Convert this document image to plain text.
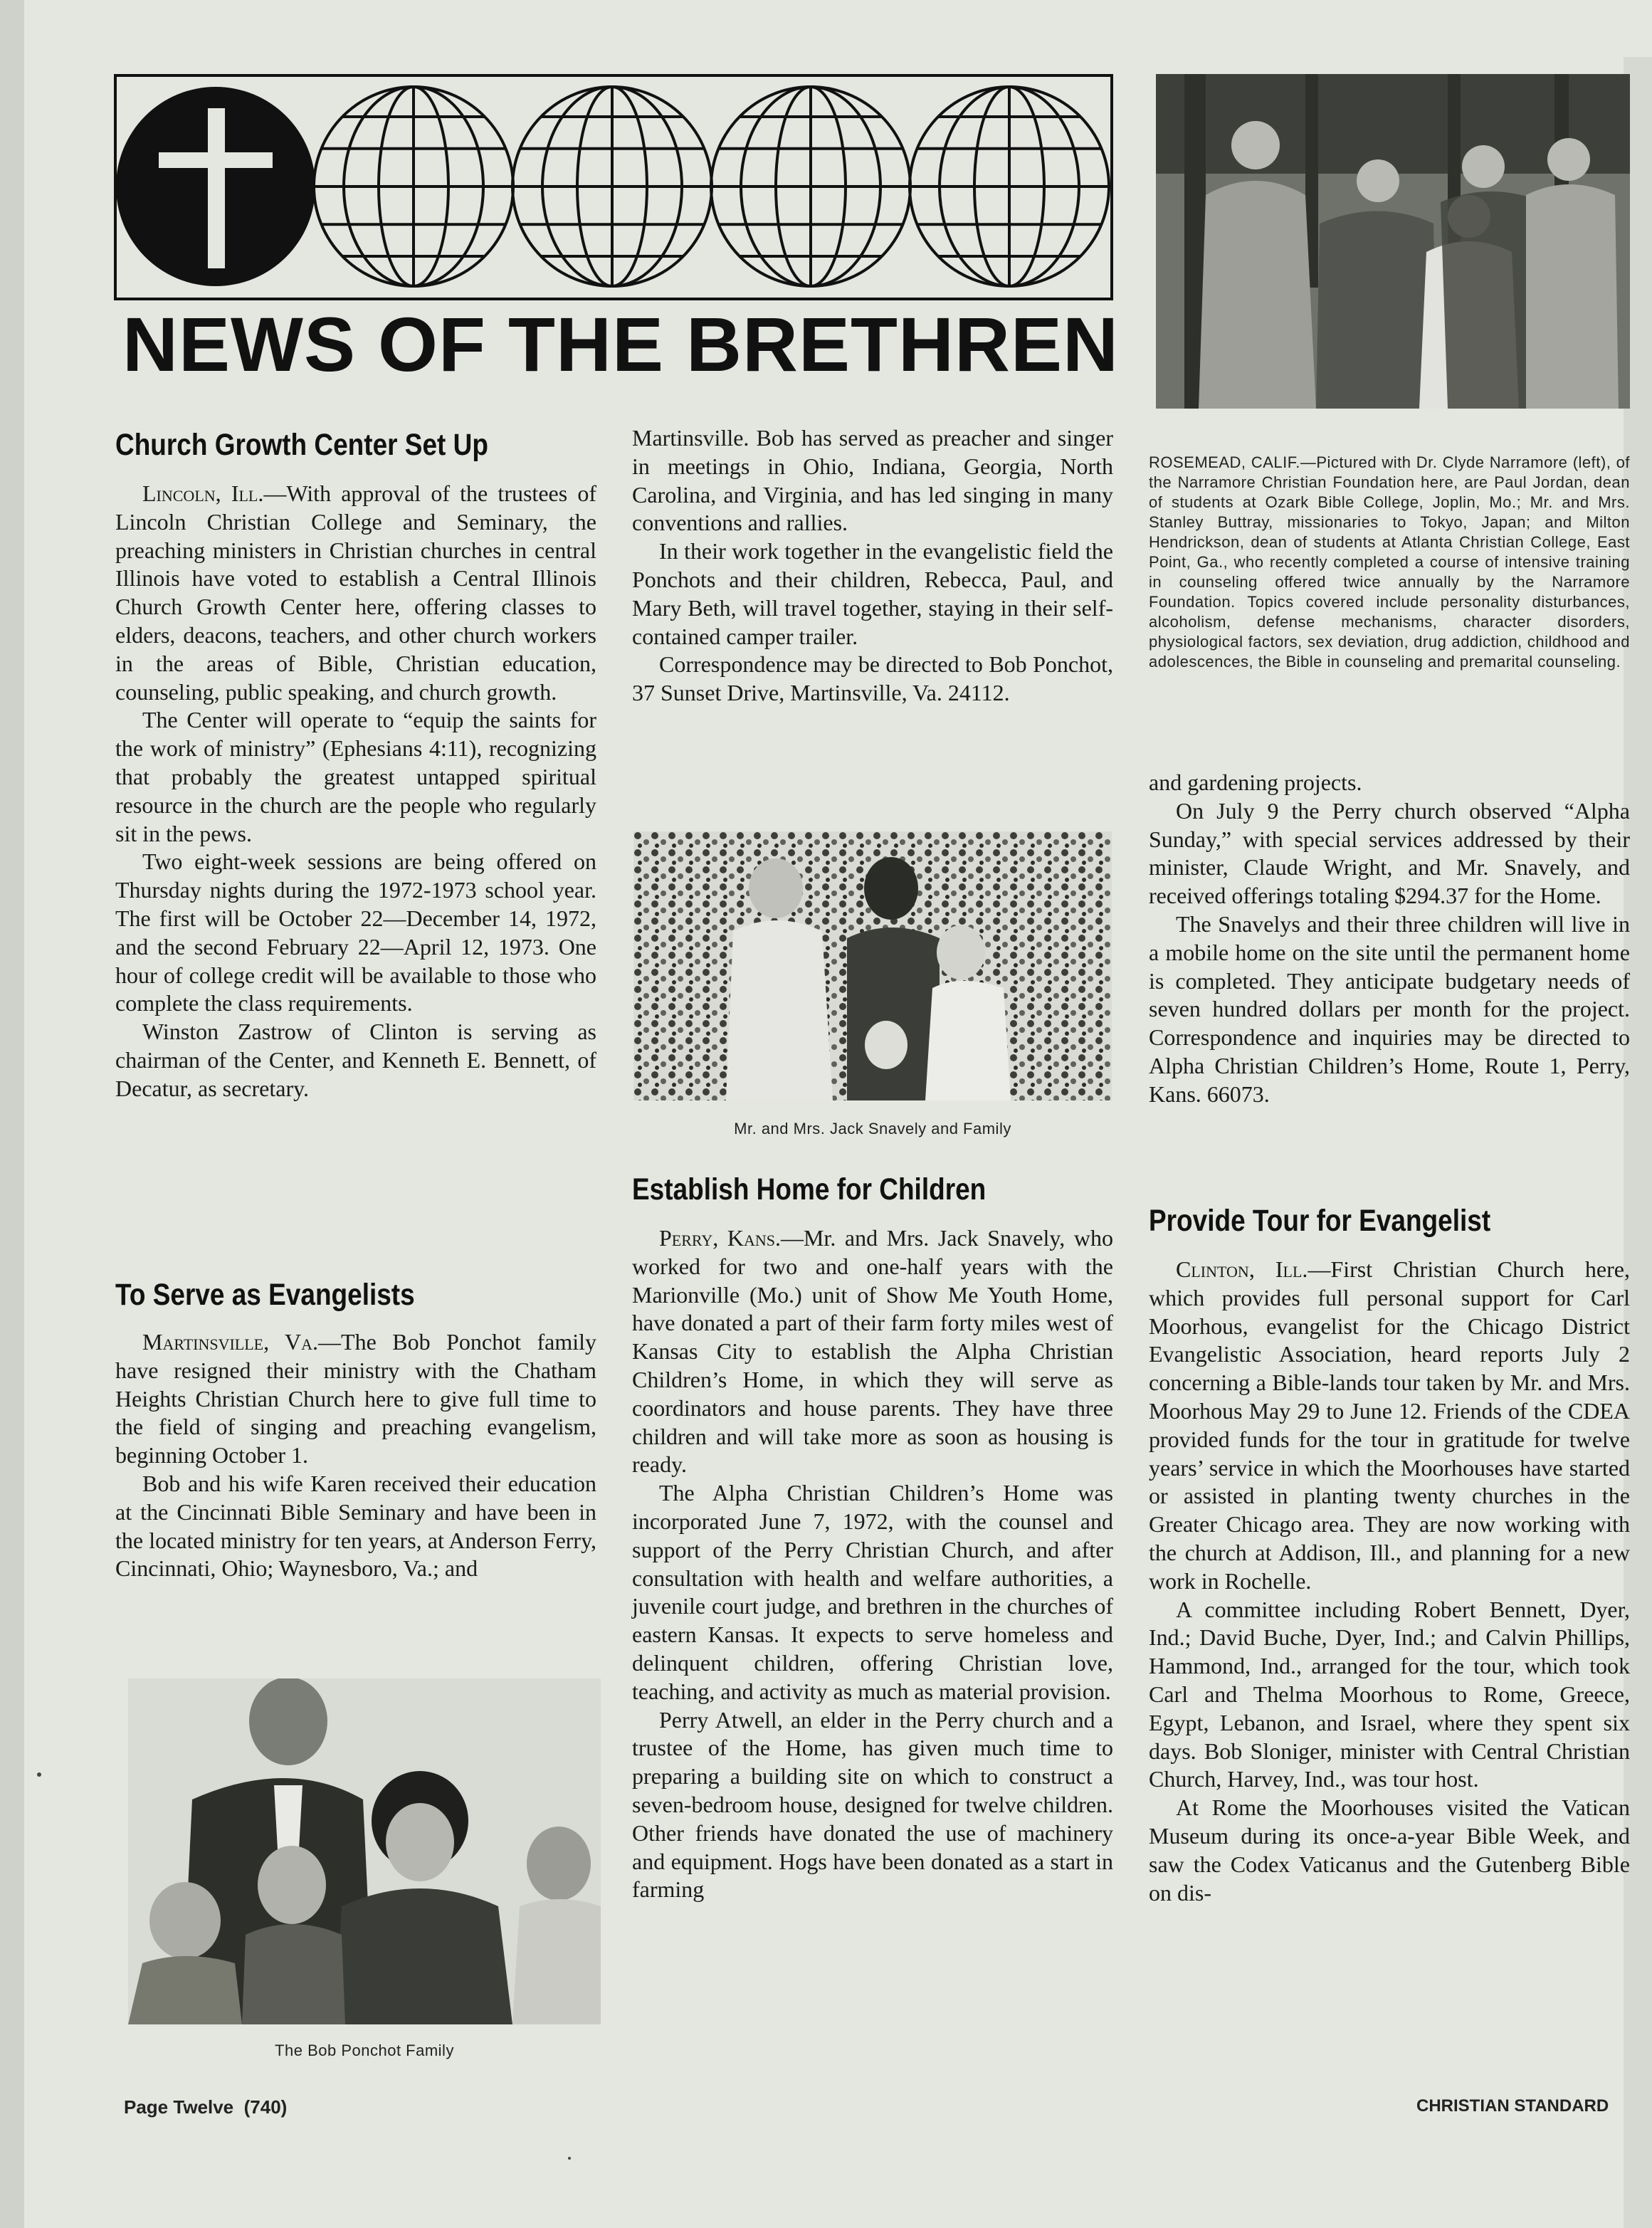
NEWS OF THE BRETHREN
ROSEMEAD, CALIF.—Pictured with Dr. Clyde Narramore (left), of the Narramore Christian Foundation here, are Paul Jordan, dean of students at Ozark Bible College, Joplin, Mo.; Mr. and Mrs. Stanley Buttray, missionaries to Tokyo, Japan; and Milton Hendrickson, dean of students at Atlanta Christian College, East Point, Ga., who recently completed a course of intensive training in counseling offered twice annually by the Narramore Foundation. Topics covered include personality disturbances, alcoholism, defense mechanisms, character disorders, physiological factors, sex deviation, drug addiction, childhood and adolescences, the Bible in counseling and premarital counseling.
Church Growth Center Set Up

Lincoln, Ill.—With approval of the trustees of Lincoln Christian College and Seminary, the preaching ministers in Christian churches in central Illinois have voted to establish a Central Illinois Church Growth Center here, offering classes to elders, deacons, teachers, and other church workers in the areas of Bible, Christian education, counseling, public speaking, and church growth.

The Center will operate to “equip the saints for the work of ministry” (Ephesians 4:11), recognizing that probably the greatest untapped spiritual resource in the church are the people who regularly sit in the pews.

Two eight-week sessions are being offered on Thursday nights during the 1972-1973 school year. The first will be October 22—December 14, 1972, and the second February 22—April 12, 1973. One hour of college credit will be available to those who complete the class requirements.

Winston Zastrow of Clinton is serving as chairman of the Center, and Kenneth E. Bennett, of Decatur, as secretary.

To Serve as Evangelists

Martinsville, Va.—The Bob Ponchot family have resigned their ministry with the Chatham Heights Christian Church here to give full time to the field of singing and preaching evangelism, beginning October 1.

Bob and his wife Karen received their education at the Cincinnati Bible Seminary and have been in the located ministry for ten years, at Anderson Ferry, Cincinnati, Ohio; Waynesboro, Va.; and

The Bob Ponchot Family

Martinsville. Bob has served as preacher and singer in meetings in Ohio, Indiana, Georgia, North Carolina, and Virginia, and has led singing in many conventions and rallies.

In their work together in the evangelistic field the Ponchots and their children, Rebecca, Paul, and Mary Beth, will travel together, staying in their self-contained camper trailer.

Correspondence may be directed to Bob Ponchot, 37 Sunset Drive, Martinsville, Va. 24112.

Mr. and Mrs. Jack Snavely and Family
Establish Home for Children

Perry, Kans.—Mr. and Mrs. Jack Snavely, who worked for two and one-half years with the Marionville (Mo.) unit of Show Me Youth Home, have donated a part of their farm forty miles west of Kansas City to establish the Alpha Christian Children’s Home, in which they will serve as coordinators and house parents. They have three children and will take more as soon as housing is ready.

The Alpha Christian Children’s Home was incorporated June 7, 1972, with the counsel and support of the Perry Christian Church, and after consultation with health and welfare authorities, a juvenile court judge, and brethren in the churches of eastern Kansas. It expects to serve homeless and delinquent children, offering Christian love, teaching, and activity as much as material provision.

Perry Atwell, an elder in the Perry church and a trustee of the Home, has given much time to preparing a building site on which to construct a seven-bedroom house, designed for twelve children. Other friends have donated the use of machinery and equipment. Hogs have been donated as a start in farming

and gardening projects.

On July 9 the Perry church observed “Alpha Sunday,” with special services addressed by their minister, Claude Wright, and Mr. Snavely, and received offerings totaling $294.37 for the Home.

The Snavelys and their three children will live in a mobile home on the site until the permanent home is completed. They anticipate budgetary needs of seven hundred dollars per month for the project. Correspondence and inquiries may be directed to Alpha Christian Children’s Home, Route 1, Perry, Kans. 66073.

Provide Tour for Evangelist

Clinton, Ill.—First Christian Church here, which provides full personal support for Carl Moorhous, evangelist for the Chicago District Evangelistic Association, heard reports July 2 concerning a Bible-lands tour taken by Mr. and Mrs. Moorhous May 29 to June 12. Friends of the CDEA provided funds for the tour in gratitude for twelve years’ service in which the Moorhouses have started or assisted in planting twenty churches in the Greater Chicago area. They are now working with the church at Addison, Ill., and planning for a new work in Rochelle.

A committee including Robert Bennett, Dyer, Ind.; David Buche, Dyer, Ind.; and Calvin Phillips, Hammond, Ind., arranged for the tour, which took Carl and Thelma Moorhous to Rome, Greece, Egypt, Lebanon, and Israel, where they spent six days. Bob Sloniger, minister with Central Christian Church, Harvey, Ind., was tour host.

At Rome the Moorhouses visited the Vatican Museum during its once-a-year Bible Week, and saw the Codex Vaticanus and the Gutenberg Bible on dis-

Page Twelve (740)	CHRISTIAN STANDARD
